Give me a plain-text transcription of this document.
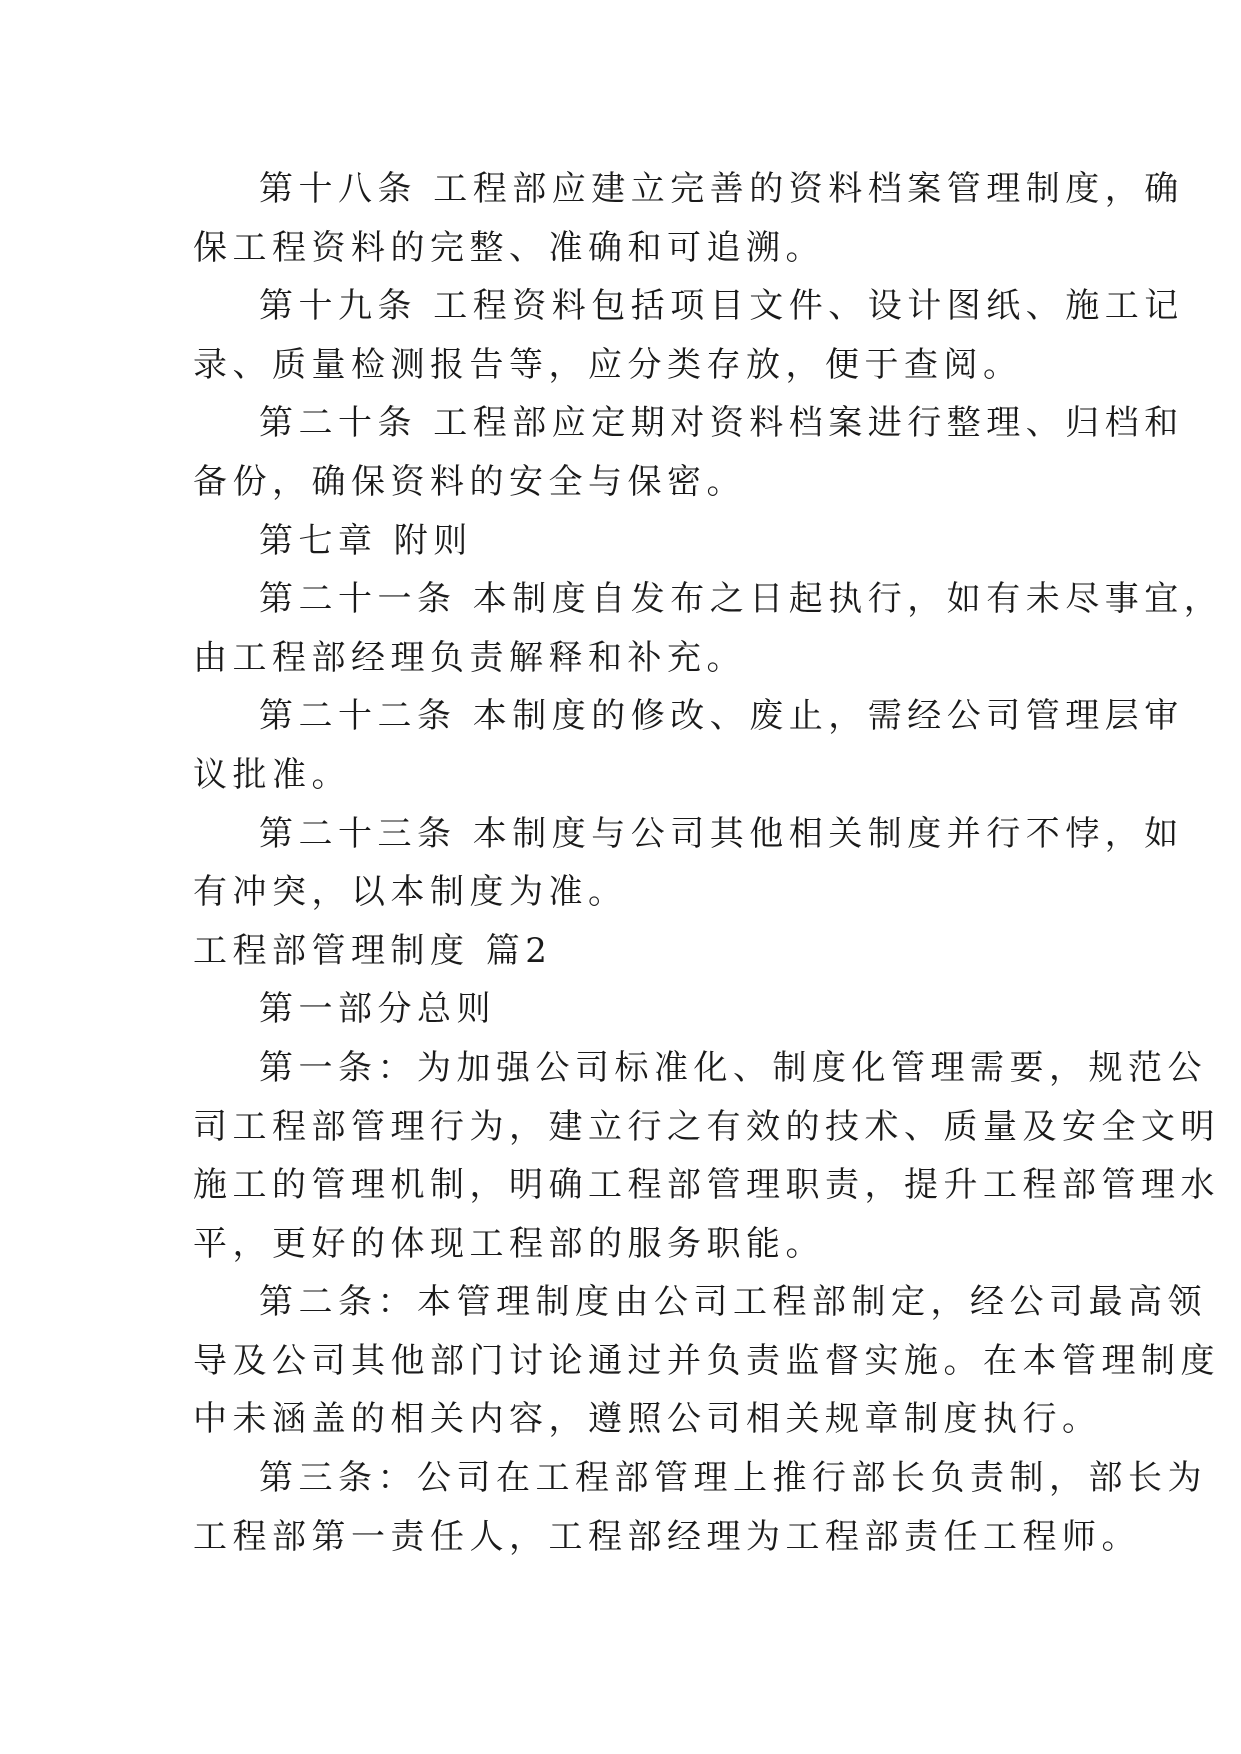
第十八条 工程部应建立完善的资料档案管理制度，确

保工程资料的完整、准确和可追溯。

第十九条 工程资料包括项目文件、设计图纸、施工记

录、质量检测报告等，应分类存放，便于查阅。

第二十条 工程部应定期对资料档案进行整理、归档和

备份，确保资料的安全与保密。

第七章 附则

第二十一条 本制度自发布之日起执行，如有未尽事宜，

由工程部经理负责解释和补充。

第二十二条 本制度的修改、废止，需经公司管理层审

议批准。

第二十三条 本制度与公司其他相关制度并行不悖，如

有冲突，以本制度为准。

工程部管理制度 篇2

第一部分总则

第一条：为加强公司标准化、制度化管理需要，规范公

司工程部管理行为，建立行之有效的技术、质量及安全文明

施工的管理机制，明确工程部管理职责，提升工程部管理水

平，更好的体现工程部的服务职能。

第二条：本管理制度由公司工程部制定，经公司最高领

导及公司其他部门讨论通过并负责监督实施。在本管理制度

中未涵盖的相关内容，遵照公司相关规章制度执行。

第三条：公司在工程部管理上推行部长负责制，部长为

工程部第一责任人，工程部经理为工程部责任工程师。
